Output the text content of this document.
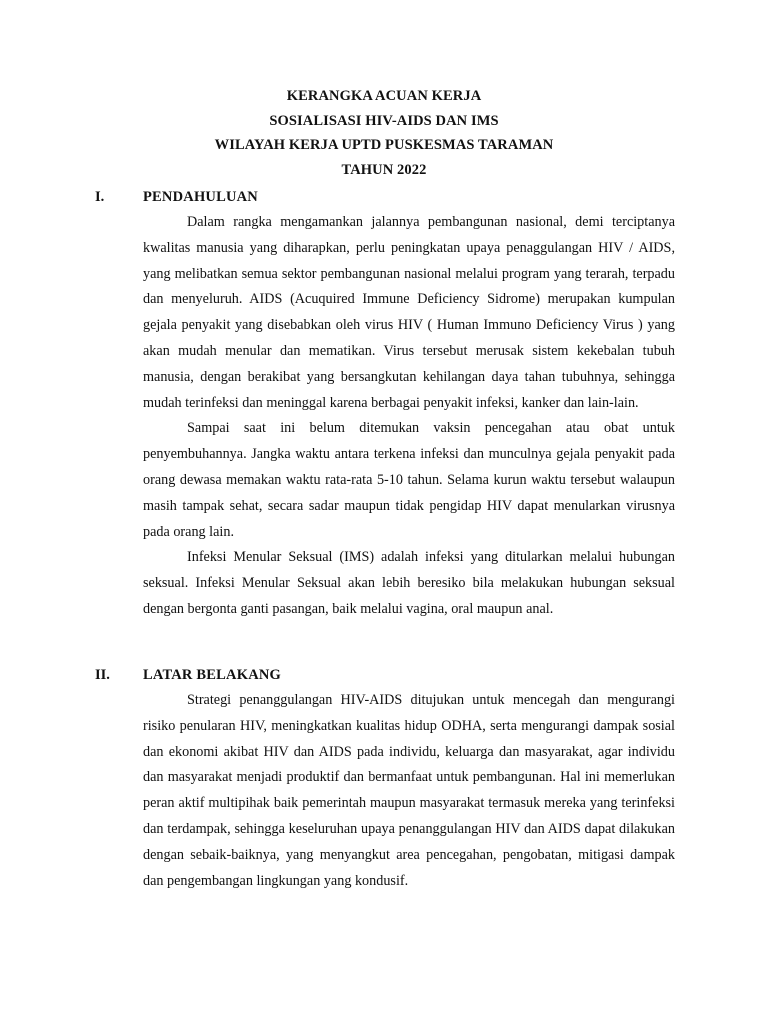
KERANGKA ACUAN KERJA
SOSIALISASI HIV-AIDS DAN IMS
WILAYAH KERJA UPTD PUSKESMAS TARAMAN
TAHUN 2022
I.	PENDAHULUAN

Dalam rangka mengamankan jalannya pembangunan nasional, demi terciptanya kwalitas manusia yang diharapkan, perlu peningkatan upaya penaggulangan HIV / AIDS, yang melibatkan semua sektor pembangunan nasional melalui program yang terarah, terpadu dan menyeluruh. AIDS (Acuquired Immune Deficiency Sidrome) merupakan kumpulan gejala penyakit yang disebabkan oleh virus HIV ( Human Immuno Deficiency Virus ) yang akan mudah menular dan mematikan. Virus tersebut merusak sistem kekebalan tubuh manusia, dengan berakibat yang bersangkutan kehilangan daya tahan tubuhnya, sehingga mudah terinfeksi dan meninggal karena berbagai penyakit infeksi, kanker dan lain-lain.

Sampai saat ini belum ditemukan vaksin pencegahan atau obat untuk penyembuhannya. Jangka waktu antara terkena infeksi dan munculnya gejala penyakit pada orang dewasa memakan waktu rata-rata 5-10 tahun. Selama kurun waktu tersebut walaupun masih tampak sehat, secara sadar maupun tidak pengidap HIV dapat menularkan virusnya pada orang lain.

Infeksi Menular Seksual (IMS) adalah infeksi yang ditularkan melalui hubungan seksual. Infeksi Menular Seksual akan lebih beresiko bila melakukan hubungan seksual dengan bergonta ganti pasangan, baik melalui vagina, oral maupun anal.

II. LATAR BELAKANG

Strategi penanggulangan HIV-AIDS ditujukan untuk mencegah dan mengurangi risiko penularan HIV, meningkatkan kualitas hidup ODHA, serta mengurangi dampak sosial dan ekonomi akibat HIV dan AIDS pada individu, keluarga dan masyarakat, agar individu dan masyarakat menjadi produktif dan bermanfaat untuk pembangunan. Hal ini memerlukan peran aktif multipihak baik pemerintah maupun masyarakat termasuk mereka yang terinfeksi dan terdampak, sehingga keseluruhan upaya penanggulangan HIV dan AIDS dapat dilakukan dengan sebaik-baiknya, yang menyangkut area pencegahan, pengobatan, mitigasi dampak dan pengembangan lingkungan yang kondusif.
